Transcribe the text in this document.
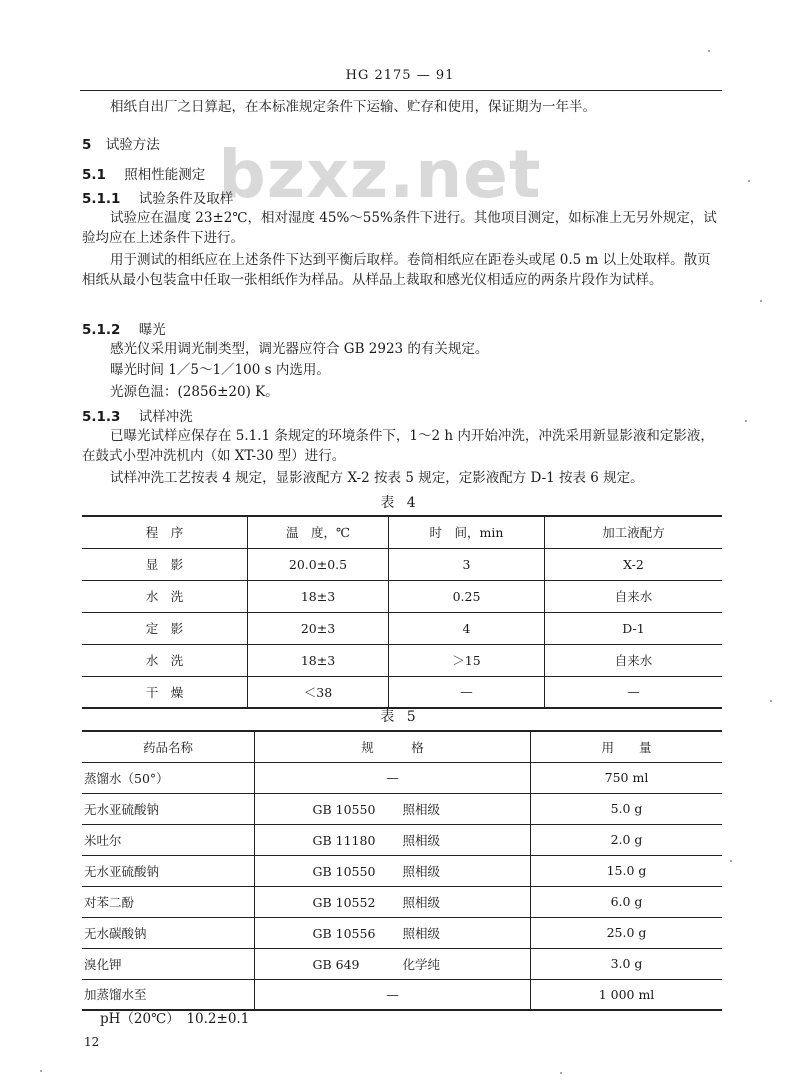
HG 2175 — 91
bzxz.net
相纸自出厂之日算起，在本标准规定条件下运输、贮存和使用，保证期为一年半。
5 试验方法
5.1 照相性能测定
5.1.1 试验条件及取样
试验应在温度 23±2℃，相对湿度 45%～55%条件下进行。其他项目测定，如标准上无另外规定，试验均应在上述条件下进行。
用于测试的相纸应在上述条件下达到平衡后取样。卷筒相纸应在距卷头或尾 0.5 m 以上处取样。散页相纸从最小包装盒中任取一张相纸作为样品。从样品上裁取和感光仪相适应的两条片段作为试样。
5.1.2 曝光
感光仪采用调光制类型，调光器应符合 GB 2923 的有关规定。
曝光时间 1／5～1／100 s 内选用。
光源色温：(2856±20) K。
5.1.3 试样冲洗
已曝光试样应保存在 5.1.1 条规定的环境条件下，1～2 h 内开始冲洗，冲洗采用新显影液和定影液，在鼓式小型冲洗机内（如 XT-30 型）进行。
试样冲洗工艺按表 4 规定，显影液配方 X-2 按表 5 规定，定影液配方 D-1 按表 6 规定。
表 4
程　序	温　度，℃	时　间，min	加工液配方
显　影	20.0±0.5	3	X-2
水　洗	18±3	0.25	自来水
定　影	20±3	4	D-1
水　洗	18±3	＞15	自来水
干　燥	＜38	—	—
表 5
药品名称	规　　　格	用　　量
蒸馏水（50°）	—	750 ml
无水亚硫酸钠	GB 10550 照相级	5.0 g
米吐尔	GB 11180 照相级	2.0 g
无水亚硫酸钠	GB 10550 照相级	15.0 g
对苯二酚	GB 10552 照相级	6.0 g
无水碳酸钠	GB 10556 照相级	25.0 g
溴化钾	GB 649 化学纯	3.0 g
加蒸馏水至	—	1 000 ml
pH（20℃）　10.2±0.1
12
